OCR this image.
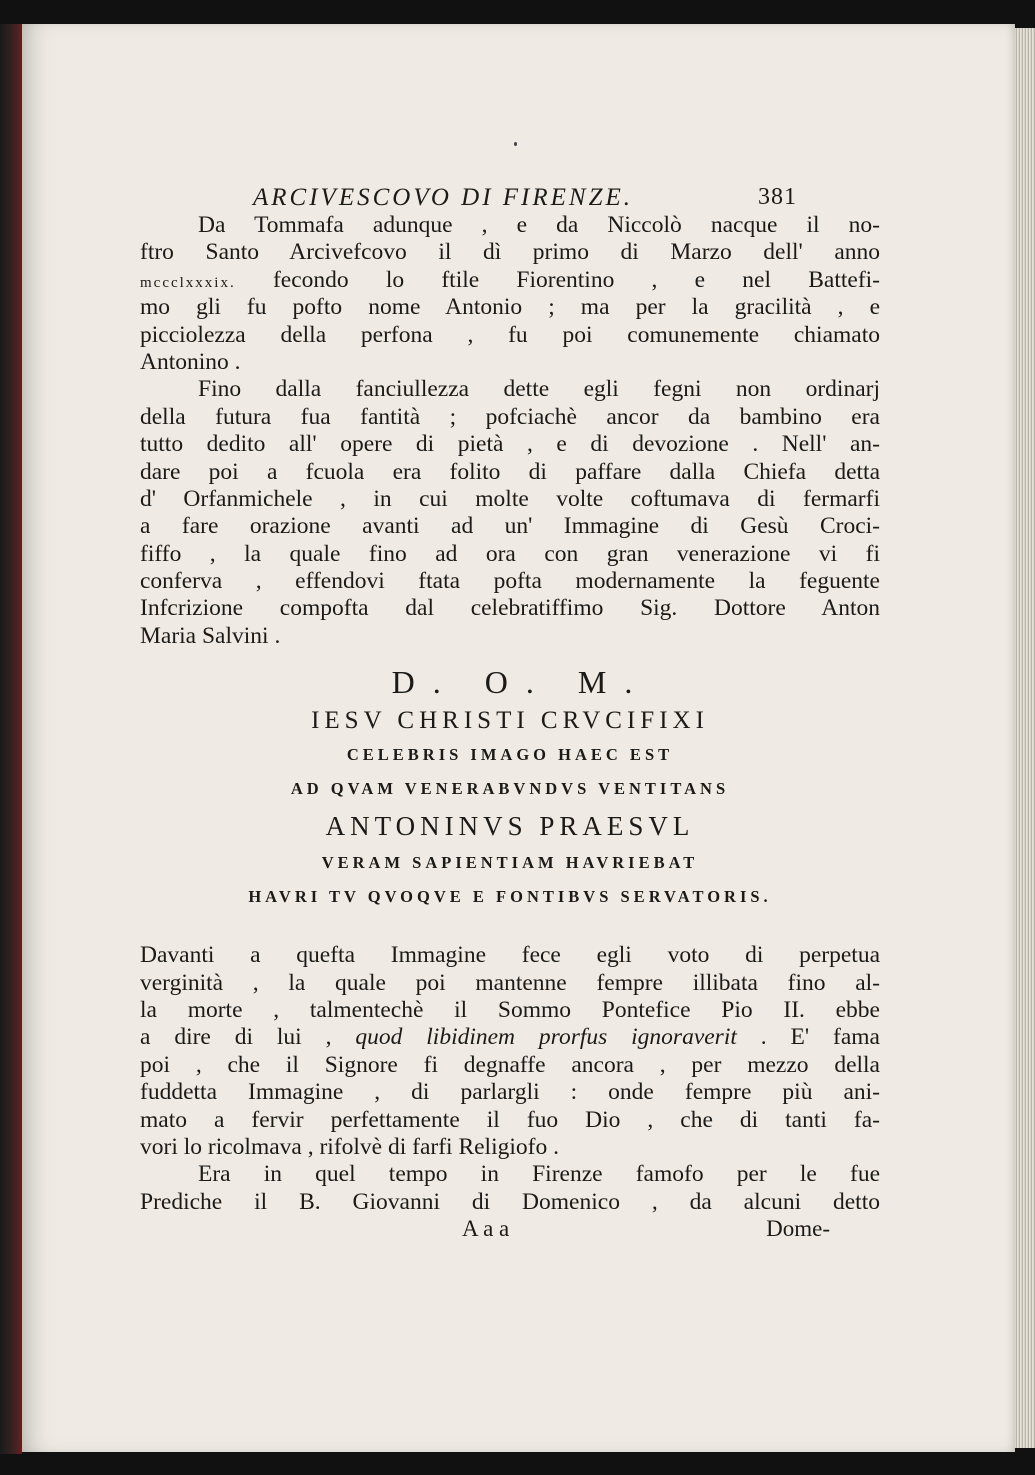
ARCIVESCOVO DI FIRENZE.	381
Da Tommafa adunque , e da Niccolò nacque il no-
ftro Santo Arcivefcovo il dì primo di Marzo dell' anno
mccclxxxix. fecondo lo ftile Fiorentino , e nel Battefi-
mo gli fu pofto nome Antonio ; ma per la gracilità , e
picciolezza della perfona , fu poi comunemente chiamato
Antonino .
Fino dalla fanciullezza dette egli fegni non ordinarj
della futura fua fantità ; pofciachè ancor da bambino era
tutto dedito all' opere di pietà , e di devozione . Nell' an-
dare poi a fcuola era folito di paffare dalla Chiefa detta
d' Orfanmichele , in cui molte volte coftumava di fermarfi
a fare orazione avanti ad un' Immagine di Gesù Croci-
fiffo , la quale fino ad ora con gran venerazione vi fi
conferva , effendovi ftata pofta modernamente la feguente
Infcrizione compofta dal celebratiffimo Sig. Dottore Anton
Maria Salvini .
D. O. M.
IESV CHRISTI CRVCIFIXI
CELEBRIS IMAGO HAEC EST
AD QVAM VENERABVNDVS VENTITANS
ANTONINVS PRAESVL
VERAM SAPIENTIAM HAVRIEBAT
HAVRI TV QVOQVE E FONTIBVS SERVATORIS.
Davanti a quefta Immagine fece egli voto di perpetua
verginità , la quale poi mantenne fempre illibata fino al-
la morte , talmentechè il Sommo Pontefice Pio II. ebbe
a dire di lui , quod libidinem prorfus ignoraverit . E' fama
poi , che il Signore fi degnaffe ancora , per mezzo della
fuddetta Immagine , di parlargli : onde fempre più ani-
mato a fervir perfettamente il fuo Dio , che di tanti fa-
vori lo ricolmava , rifolvè di farfi Religiofo .
Era in quel tempo in Firenze famofo per le fue
Prediche il B. Giovanni di Domenico , da alcuni detto
A a a	Dome-
